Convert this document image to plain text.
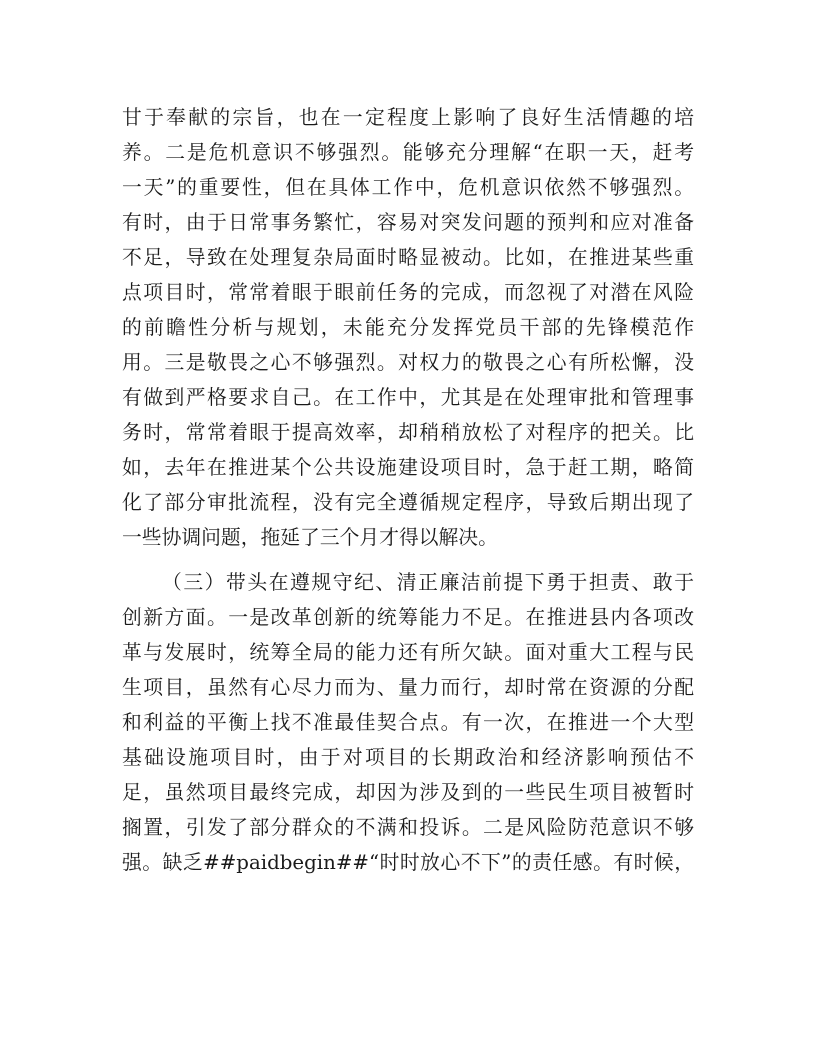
甘于奉献的宗旨，也在一定程度上影响了良好生活情趣的培
养。二是危机意识不够强烈。能够充分理解“在职一天，赶考
一天”的重要性，但在具体工作中，危机意识依然不够强烈。
有时，由于日常事务繁忙，容易对突发问题的预判和应对准备
不足，导致在处理复杂局面时略显被动。比如，在推进某些重
点项目时，常常着眼于眼前任务的完成，而忽视了对潜在风险
的前瞻性分析与规划，未能充分发挥党员干部的先锋模范作
用。三是敬畏之心不够强烈。对权力的敬畏之心有所松懈，没
有做到严格要求自己。在工作中，尤其是在处理审批和管理事
务时，常常着眼于提高效率，却稍稍放松了对程序的把关。比
如，去年在推进某个公共设施建设项目时，急于赶工期，略简
化了部分审批流程，没有完全遵循规定程序，导致后期出现了
一些协调问题，拖延了三个月才得以解决。
（三）带头在遵规守纪、清正廉洁前提下勇于担责、敢于
创新方面。一是改革创新的统筹能力不足。在推进县内各项改
革与发展时，统筹全局的能力还有所欠缺。面对重大工程与民
生项目，虽然有心尽力而为、量力而行，却时常在资源的分配
和利益的平衡上找不准最佳契合点。有一次，在推进一个大型
基础设施项目时，由于对项目的长期政治和经济影响预估不
足，虽然项目最终完成，却因为涉及到的一些民生项目被暂时
搁置，引发了部分群众的不满和投诉。二是风险防范意识不够
强。缺乏##paidbegin##“时时放心不下”的责任感。有时候，
